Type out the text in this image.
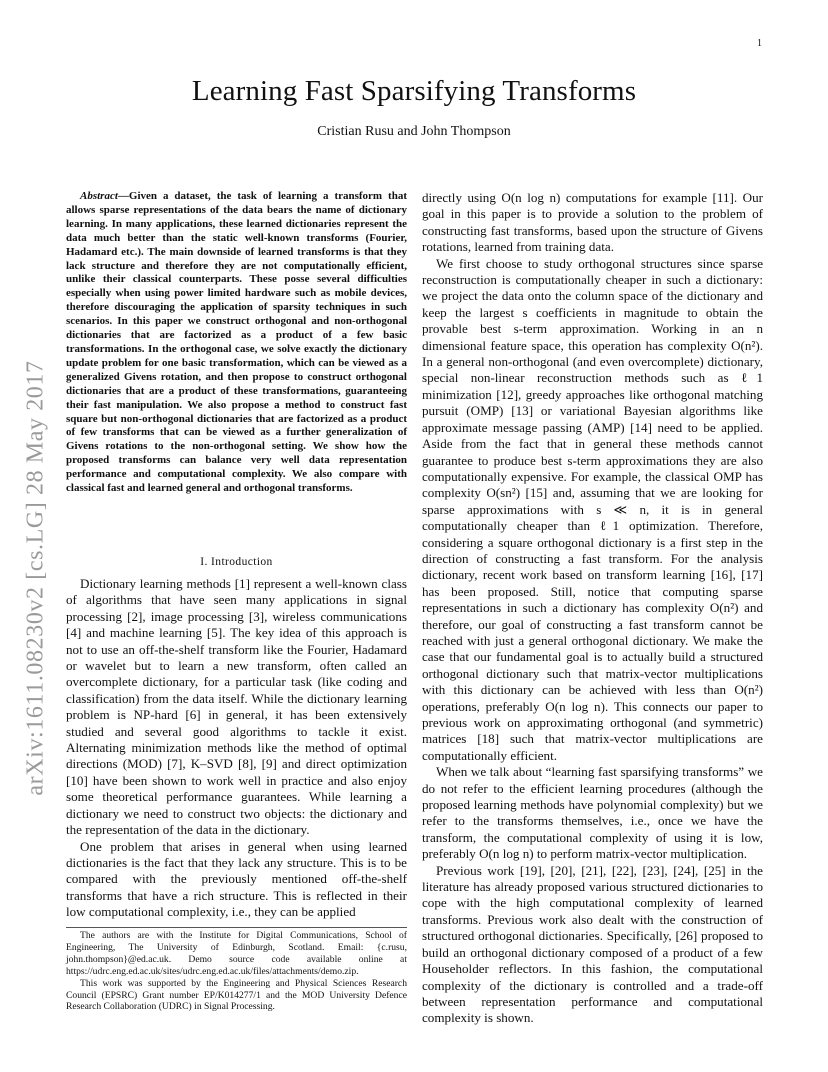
1
Learning Fast Sparsifying Transforms
Cristian Rusu and John Thompson
arXiv:1611.08230v2 [cs.LG] 28 May 2017

Abstract—Given a dataset, the task of learning a transform that allows sparse representations of the data bears the name of dictionary learning. In many applications, these learned dictionaries represent the data much better than the static well-known transforms (Fourier, Hadamard etc.). The main downside of learned transforms is that they lack structure and therefore they are not computationally efficient, unlike their classical counterparts. These posse several difficulties especially when using power limited hardware such as mobile devices, therefore discouraging the application of sparsity techniques in such scenarios. In this paper we construct orthogonal and non-orthogonal dictionaries that are factorized as a product of a few basic transformations. In the orthogonal case, we solve exactly the dictionary update problem for one basic transformation, which can be viewed as a generalized Givens rotation, and then propose to construct orthogonal dictionaries that are a product of these transformations, guaranteeing their fast manipulation. We also propose a method to construct fast square but non-orthogonal dictionaries that are factorized as a product of few transforms that can be viewed as a further generalization of Givens rotations to the non-orthogonal setting. We show how the proposed transforms can balance very well data representation performance and computational complexity. We also compare with classical fast and learned general and orthogonal transforms.

I. Introduction

Dictionary learning methods [1] represent a well-known class of algorithms that have seen many applications in signal processing [2], image processing [3], wireless communications [4] and machine learning [5]. The key idea of this approach is not to use an off-the-shelf transform like the Fourier, Hadamard or wavelet but to learn a new transform, often called an overcomplete dictionary, for a particular task (like coding and classification) from the data itself. While the dictionary learning problem is NP-hard [6] in general, it has been extensively studied and several good algorithms to tackle it exist. Alternating minimization methods like the method of optimal directions (MOD) [7], K–SVD [8], [9] and direct optimization [10] have been shown to work well in practice and also enjoy some theoretical performance guarantees. While learning a dictionary we need to construct two objects: the dictionary and the representation of the data in the dictionary.

One problem that arises in general when using learned dictionaries is the fact that they lack any structure. This is to be compared with the previously mentioned off-the-shelf transforms that have a rich structure. This is reflected in their low computational complexity, i.e., they can be applied

The authors are with the Institute for Digital Communications, School of Engineering, The University of Edinburgh, Scotland. Email: {c.rusu, john.thompson}@ed.ac.uk. Demo source code available online at https://udrc.eng.ed.ac.uk/sites/udrc.eng.ed.ac.uk/files/attachments/demo.zip.

This work was supported by the Engineering and Physical Sciences Research Council (EPSRC) Grant number EP/K014277/1 and the MOD University Defence Research Collaboration (UDRC) in Signal Processing.

directly using O(n log n) computations for example [11]. Our goal in this paper is to provide a solution to the problem of constructing fast transforms, based upon the structure of Givens rotations, learned from training data.

We first choose to study orthogonal structures since sparse reconstruction is computationally cheaper in such a dictionary: we project the data onto the column space of the dictionary and keep the largest s coefficients in magnitude to obtain the provable best s-term approximation. Working in an n dimensional feature space, this operation has complexity O(n²). In a general non-orthogonal (and even overcomplete) dictionary, special non-linear reconstruction methods such as ℓ1 minimization [12], greedy approaches like orthogonal matching pursuit (OMP) [13] or variational Bayesian algorithms like approximate message passing (AMP) [14] need to be applied. Aside from the fact that in general these methods cannot guarantee to produce best s-term approximations they are also computationally expensive. For example, the classical OMP has complexity O(sn²) [15] and, assuming that we are looking for sparse approximations with s ≪ n, it is in general computationally cheaper than ℓ1 optimization. Therefore, considering a square orthogonal dictionary is a first step in the direction of constructing a fast transform. For the analysis dictionary, recent work based on transform learning [16], [17] has been proposed. Still, notice that computing sparse representations in such a dictionary has complexity O(n²) and therefore, our goal of constructing a fast transform cannot be reached with just a general orthogonal dictionary. We make the case that our fundamental goal is to actually build a structured orthogonal dictionary such that matrix-vector multiplications with this dictionary can be achieved with less than O(n²) operations, preferably O(n log n). This connects our paper to previous work on approximating orthogonal (and symmetric) matrices [18] such that matrix-vector multiplications are computationally efficient.

When we talk about “learning fast sparsifying transforms” we do not refer to the efficient learning procedures (although the proposed learning methods have polynomial complexity) but we refer to the transforms themselves, i.e., once we have the transform, the computational complexity of using it is low, preferably O(n log n) to perform matrix-vector multiplication.

Previous work [19], [20], [21], [22], [23], [24], [25] in the literature has already proposed various structured dictionaries to cope with the high computational complexity of learned transforms. Previous work also dealt with the construction of structured orthogonal dictionaries. Specifically, [26] proposed to build an orthogonal dictionary composed of a product of a few Householder reflectors. In this fashion, the computational complexity of the dictionary is controlled and a trade-off between representation performance and computational complexity is shown.
